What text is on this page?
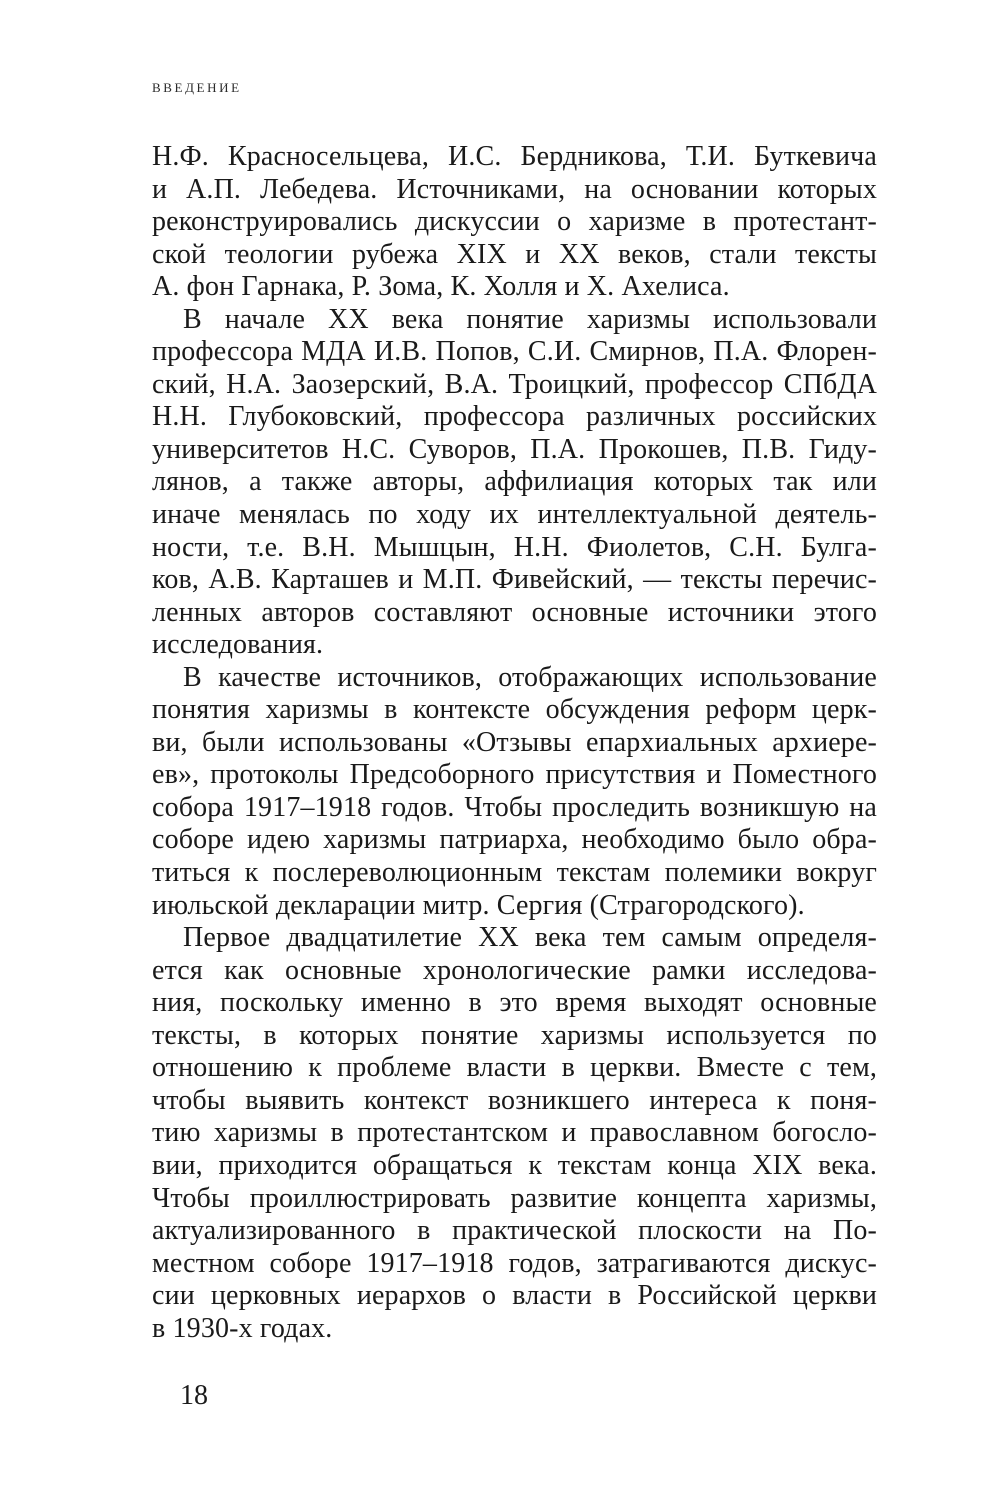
ВВЕДЕНИЕ
Н.Ф. Красносельцева, И.С. Бердникова, Т.И. Буткевича
и А.П. Лебедева. Источниками, на основании которых
реконструировались дискуссии о харизме в протестант-
ской теологии рубежа XIX и XX веков, стали тексты
А. фон Гарнака, Р. Зома, К. Холля и Х. Ахелиса.
В начале XX века понятие харизмы использовали
профессора МДА И.В. Попов, С.И. Смирнов, П.А. Флорен-
ский, Н.А. Заозерский, В.А. Троицкий, профессор СПбДА
Н.Н. Глубоковский, профессора различных российских
университетов Н.С. Суворов, П.А. Прокошев, П.В. Гиду-
лянов, а также авторы, аффилиация которых так или
иначе менялась по ходу их интеллектуальной деятель-
ности, т.е. В.Н. Мышцын, Н.Н. Фиолетов, С.Н. Булга-
ков, А.В. Карташев и М.П. Фивейский, — тексты перечис-
ленных авторов составляют основные источники этого
исследования.
В качестве источников, отображающих использование
понятия харизмы в контексте обсуждения реформ церк-
ви, были использованы «Отзывы епархиальных архиере-
ев», протоколы Предсоборного присутствия и Поместного
собора 1917–1918 годов. Чтобы проследить возникшую на
соборе идею харизмы патриарха, необходимо было обра-
титься к послереволюционным текстам полемики вокруг
июльской декларации митр. Сергия (Страгородского).
Первое двадцатилетие XX века тем самым определя-
ется как основные хронологические рамки исследова-
ния, поскольку именно в это время выходят основные
тексты, в которых понятие харизмы используется по
отношению к проблеме власти в церкви. Вместе с тем,
чтобы выявить контекст возникшего интереса к поня-
тию харизмы в протестантском и православном богосло-
вии, приходится обращаться к текстам конца XIX века.
Чтобы проиллюстрировать развитие концепта харизмы,
актуализированного в практической плоскости на По-
местном соборе 1917–1918 годов, затрагиваются дискус-
сии церковных иерархов о власти в Российской церкви
в 1930-х годах.
18
